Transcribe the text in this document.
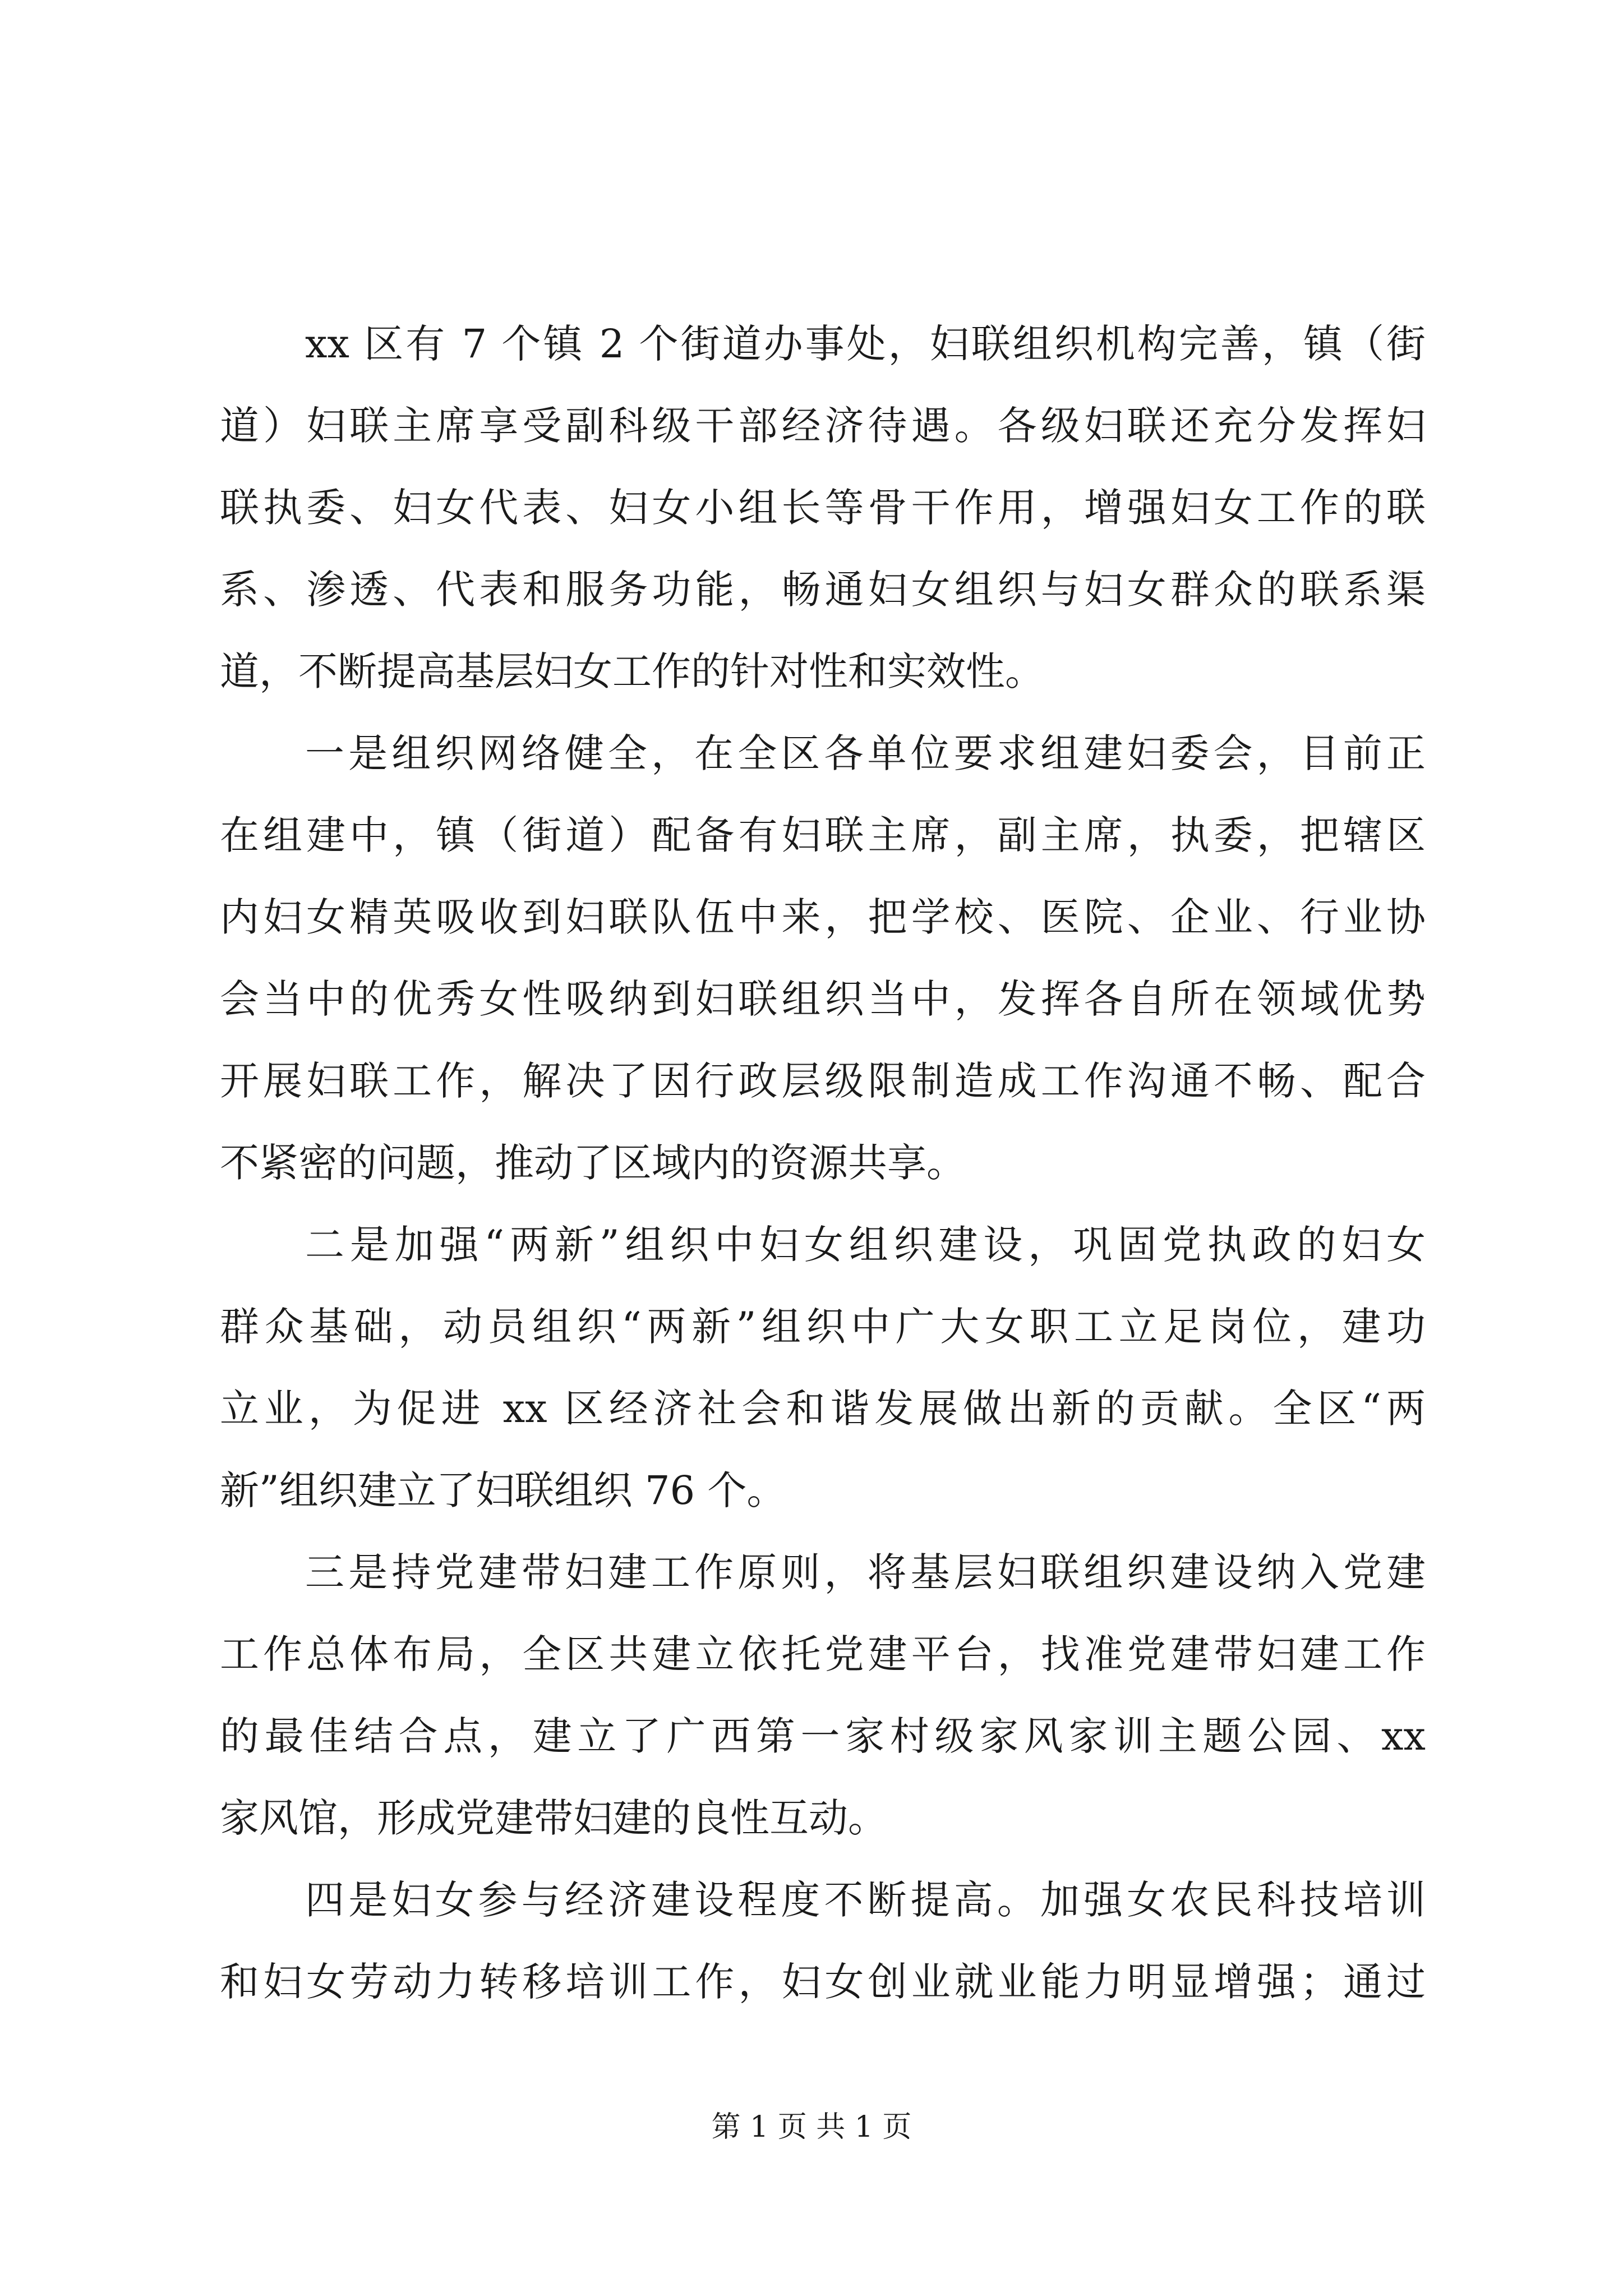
xx 区有 7 个镇 2 个街道办事处，妇联组织机构完善，镇（街
道）妇联主席享受副科级干部经济待遇。各级妇联还充分发挥妇
联执委、妇女代表、妇女小组长等骨干作用，增强妇女工作的联
系、渗透、代表和服务功能，畅通妇女组织与妇女群众的联系渠
道，不断提高基层妇女工作的针对性和实效性。
一是组织网络健全，在全区各单位要求组建妇委会，目前正
在组建中，镇（街道）配备有妇联主席，副主席，执委，把辖区
内妇女精英吸收到妇联队伍中来，把学校、医院、企业、行业协
会当中的优秀女性吸纳到妇联组织当中，发挥各自所在领域优势
开展妇联工作，解决了因行政层级限制造成工作沟通不畅、配合
不紧密的问题，推动了区域内的资源共享。
二是加强“两新”组织中妇女组织建设，巩固党执政的妇女
群众基础，动员组织“两新”组织中广大女职工立足岗位，建功
立业，为促进 xx 区经济社会和谐发展做出新的贡献。全区“两
新”组织建立了妇联组织 76 个。
三是持党建带妇建工作原则，将基层妇联组织建设纳入党建
工作总体布局，全区共建立依托党建平台，找准党建带妇建工作
的最佳结合点，建立了广西第一家村级家风家训主题公园、xx
家风馆，形成党建带妇建的良性互动。
四是妇女参与经济建设程度不断提高。加强女农民科技培训
和妇女劳动力转移培训工作，妇女创业就业能力明显增强；通过
第 1 页 共 1 页
